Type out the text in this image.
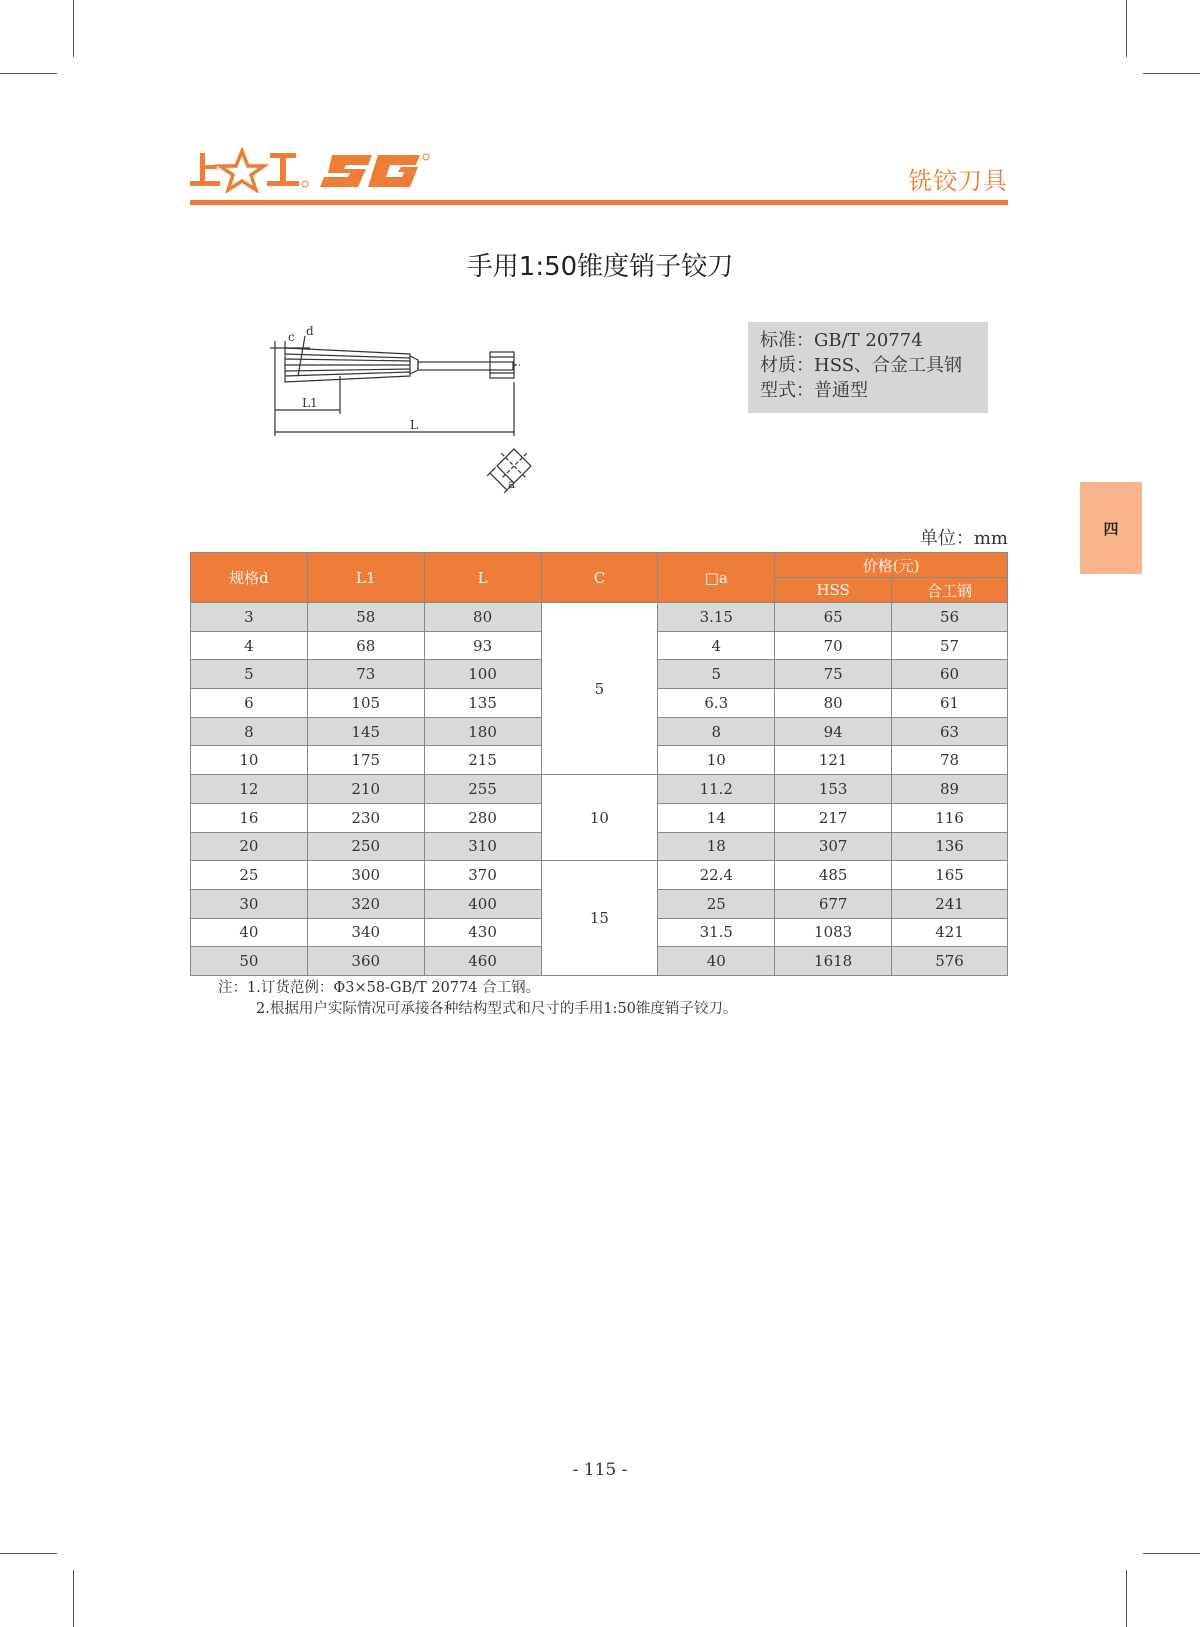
铣铰刀具
手用1:50锥度销子铰刀
c d
L1
L
a
标准：GB/T 20774
材质：HSS、合金工具钢
型式：普通型
四
单位：mm
规格d	L1	L	C	□a	价格(元)	
					HSS	合工钢
3	58	80	5	3.15	65	56
4	68	93		4	70	57
5	73	100		5	75	60
6	105	135		6.3	80	61
8	145	180		8	94	63
10	175	215		10	121	78
12	210	255	10	11.2	153	89
16	230	280		14	217	116
20	250	310		18	307	136
25	300	370	15	22.4	485	165
30	320	400		25	677	241
40	340	430		31.5	1083	421
50	360	460		40	1618	576
注：1.订货范例：Φ3×58-GB/T 20774 合工钢。
2.根据用户实际情况可承接各种结构型式和尺寸的手用1:50锥度销子铰刀。
- 115 -
